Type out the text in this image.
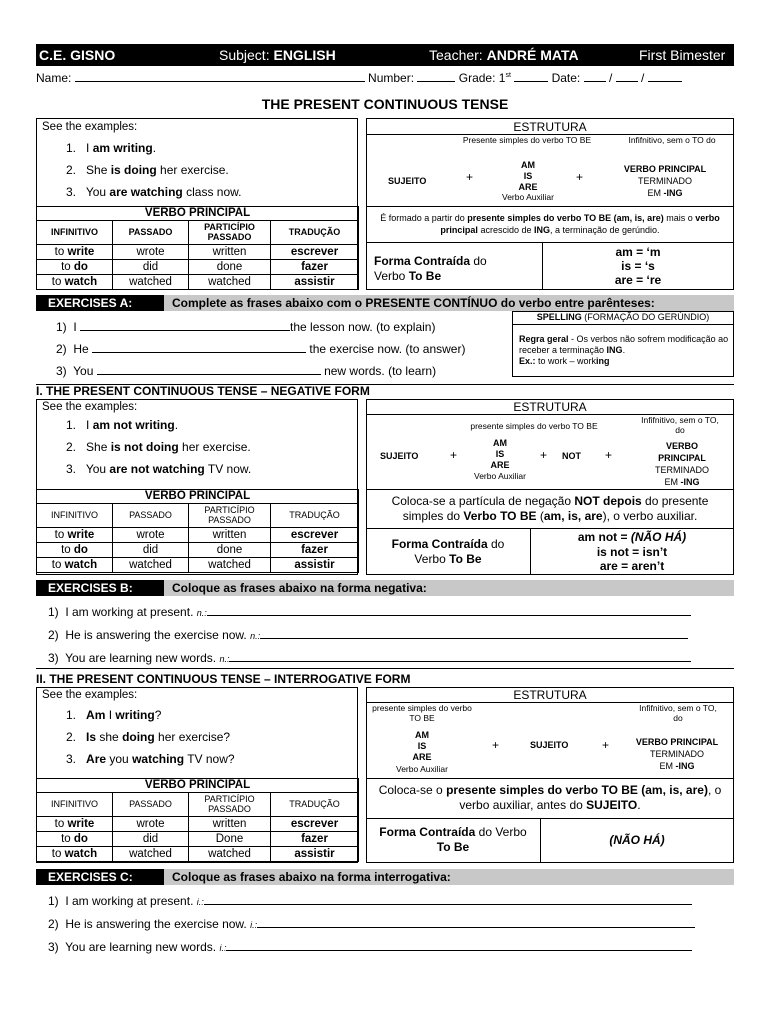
C.E. GISNO	Subject: ENGLISH	Teacher: ANDRÉ MATA	First Bimester
Name:	Number:	Grade: 1st	Date: / /
THE PRESENT CONTINUOUS TENSE
See the examples:
1. I am writing.
2. She is doing her exercise.
3. You are watching class now.
VERBO PRINCIPAL			
INFINITIVO	PASSADO	PARTICÍPIO PASSADO	TRADUÇÃO
to write	wrote	written	escrever
to do	did	done	fazer
to watch	watched	watched	assistir
ESTRUTURA
Presente simples do verbo TO BE	Infifnitivo, sem o TO do
SUJEITO	+
AM
IS
ARE
Verbo Auxiliar
+
VERBO PRINCIPAL
TERMINADO
EM -ING
É formado a partir do presente simples do verbo TO BE (am, is, are) mais o verbo principal acrescido de ING, a terminação de gerúndio.
Forma Contraída do
Verbo To Be
am = ‘m
is = ‘s
are = ‘re
EXERCISES A:	Complete as frases abaixo com o PRESENTE CONTÍNUO do verbo entre parênteses:
1) I	the lesson now. (to explain)
2) He	the exercise now. (to answer)
3) You	new words. (to learn)
SPELLING (FORMAÇÃO DO GERÚNDIO)
Regra geral - Os verbos não sofrem modificação ao receber a terminação ING.
Ex.: to work – working
I. THE PRESENT CONTINUOUS TENSE – NEGATIVE FORM
See the examples:
1. I am not writing.
2. She is not doing her exercise.
3. You are not watching TV now.
VERBO PRINCIPAL			
INFINITIVO	PASSADO	PARTICÍPIO PASSADO	TRADUÇÃO
to write	wrote	written	escrever
to do	did	done	fazer
to watch	watched	watched	assistir
ESTRUTURA
presente simples do verbo TO BE
Infifnitivo, sem o TO, do
SUJEITO	+
AM
IS
ARE
Verbo Auxiliar
+ NOT +
VERBO
PRINCIPAL
TERMINADO
EM -ING
Coloca-se a partícula de negação NOT depois do presente simples do Verbo TO BE (am, is, are), o verbo auxiliar.
Forma Contraída do
Verbo To Be
am not = (NÃO HÁ)
is not = isn’t
are = aren’t
EXERCISES B:	Coloque as frases abaixo na forma negativa:
1) I am working at present. n.:
2) He is answering the exercise now. n.:
3) You are learning new words. n.:
II. THE PRESENT CONTINUOUS TENSE – INTERROGATIVE FORM
See the examples:
1. Am I writing?
2. Is she doing her exercise?
3. Are you watching TV now?
VERBO PRINCIPAL			
INFINITIVO	PASSADO	PARTICÍPIO PASSADO	TRADUÇÃO
to write	wrote	written	escrever
to do	did	Done	fazer
to watch	watched	watched	assistir
ESTRUTURA
presente simples do verbo TO BE
Infifnitivo, sem o TO, do
AM
IS
ARE
Verbo Auxiliar
+	SUJEITO	+	VERBO PRINCIPAL
TERMINADO
EM -ING
Coloca-se o presente simples do verbo TO BE (am, is, are), o verbo auxiliar, antes do SUJEITO.
Forma Contraída do Verbo
To Be	(NÃO HÁ)
EXERCISES C:	Coloque as frases abaixo na forma interrogativa:
1) I am working at present. i.:
2) He is answering the exercise now. i.:
3) You are learning new words. i.:
